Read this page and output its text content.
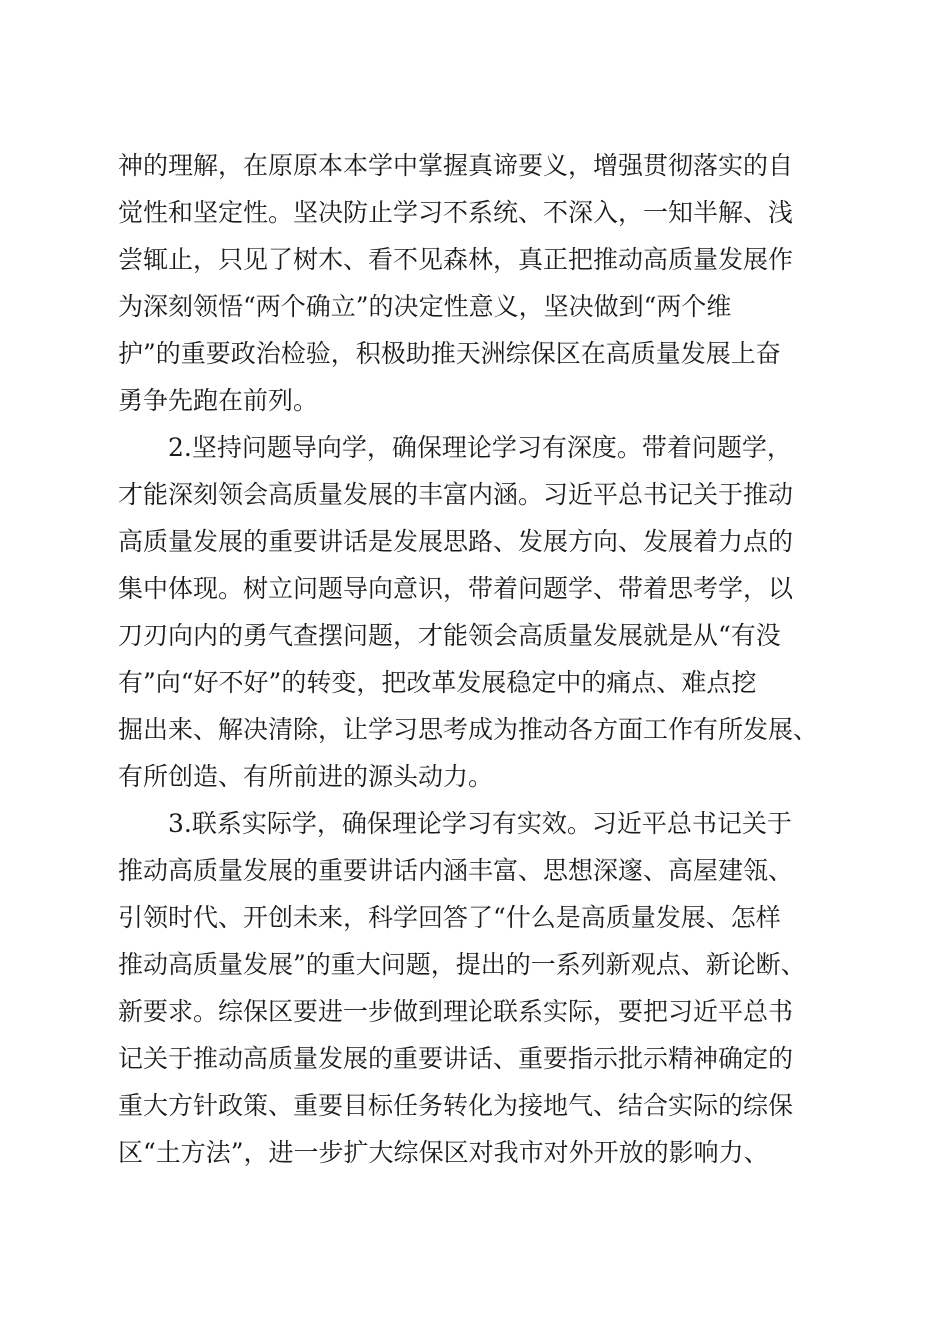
神的理解，在原原本本学中掌握真谛要义，增强贯彻落实的自
觉性和坚定性。坚决防止学习不系统、不深入，一知半解、浅
尝辄止，只见了树木、看不见森林，真正把推动高质量发展作
为深刻领悟“两个确立”的决定性意义，坚决做到“两个维
护”的重要政治检验，积极助推天洲综保区在高质量发展上奋
勇争先跑在前列。
2.坚持问题导向学，确保理论学习有深度。带着问题学，
才能深刻领会高质量发展的丰富内涵。习近平总书记关于推动
高质量发展的重要讲话是发展思路、发展方向、发展着力点的
集中体现。树立问题导向意识，带着问题学、带着思考学，以
刀刃向内的勇气查摆问题，才能领会高质量发展就是从“有没
有”向“好不好”的转变，把改革发展稳定中的痛点、难点挖
掘出来、解决清除，让学习思考成为推动各方面工作有所发展、
有所创造、有所前进的源头动力。
3.联系实际学，确保理论学习有实效。习近平总书记关于
推动高质量发展的重要讲话内涵丰富、思想深邃、高屋建瓴、
引领时代、开创未来，科学回答了“什么是高质量发展、怎样
推动高质量发展”的重大问题，提出的一系列新观点、新论断、
新要求。综保区要进一步做到理论联系实际，要把习近平总书
记关于推动高质量发展的重要讲话、重要指示批示精神确定的
重大方针政策、重要目标任务转化为接地气、结合实际的综保
区“土方法”，进一步扩大综保区对我市对外开放的影响力、
